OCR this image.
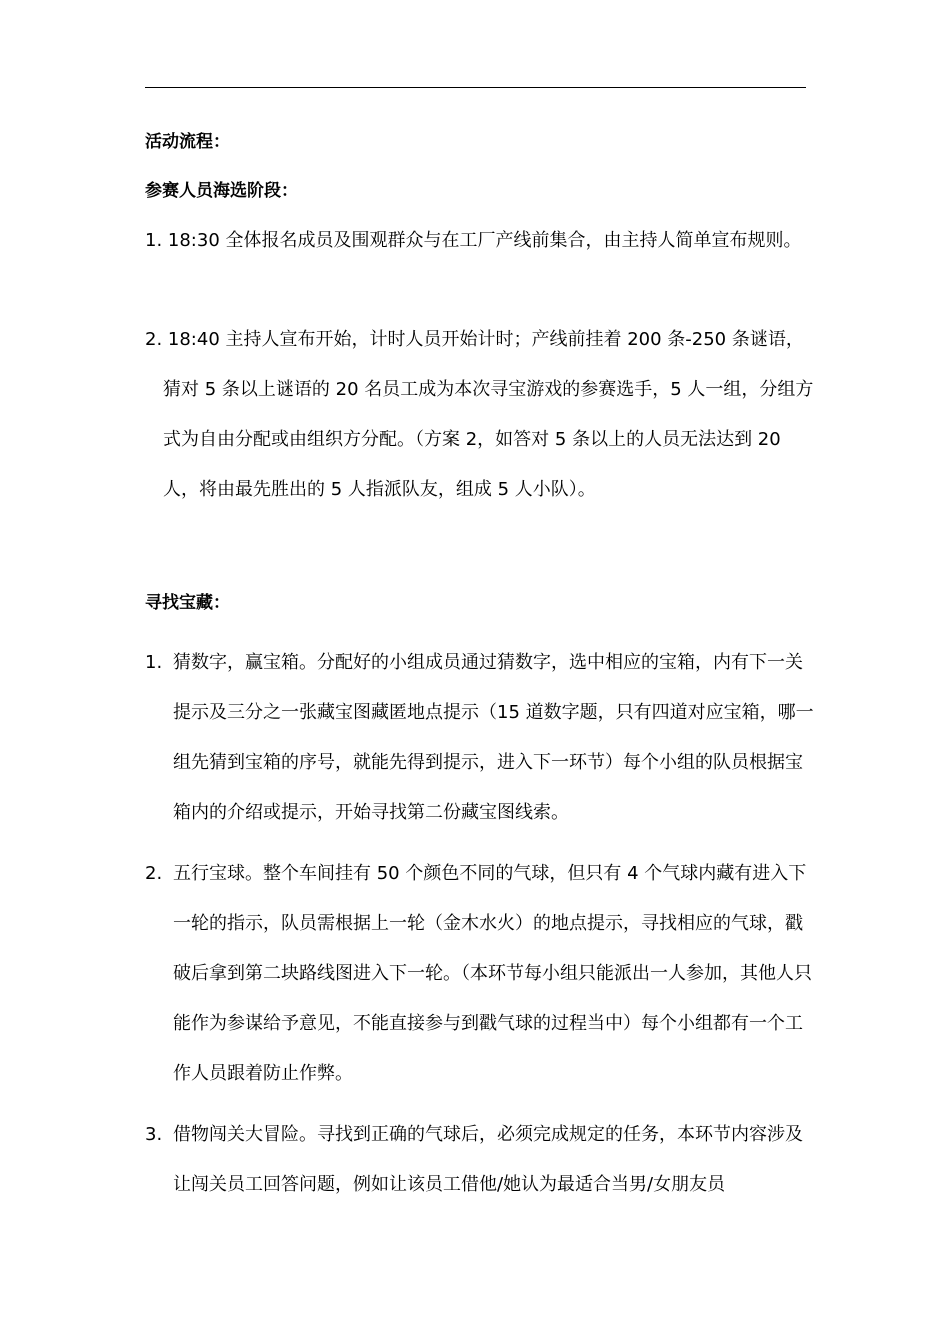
活动流程：
参赛人员海选阶段：
1. 18:30 全体报名成员及围观群众与在工厂产线前集合，由主持人简单宣布规则。
2. 18:40 主持人宣布开始，计时人员开始计时；产线前挂着 200 条-250 条谜语，猜对 5 条以上谜语的 20 名员工成为本次寻宝游戏的参赛选手，5 人一组，分组方式为自由分配或由组织方分配。（方案 2，如答对 5 条以上的人员无法达到 20 人，将由最先胜出的 5 人指派队友，组成 5 人小队）。
寻找宝藏：
1. 猜数字，赢宝箱。分配好的小组成员通过猜数字，选中相应的宝箱，内有下一关提示及三分之一张藏宝图藏匿地点提示（15 道数字题，只有四道对应宝箱，哪一组先猜到宝箱的序号，就能先得到提示，进入下一环节）每个小组的队员根据宝箱内的介绍或提示，开始寻找第二份藏宝图线索。
2. 五行宝球。整个车间挂有 50 个颜色不同的气球，但只有 4 个气球内藏有进入下一轮的指示，队员需根据上一轮（金木水火）的地点提示，寻找相应的气球，戳破后拿到第二块路线图进入下一轮。（本环节每小组只能派出一人参加，其他人只能作为参谋给予意见，不能直接参与到戳气球的过程当中）每个小组都有一个工作人员跟着防止作弊。
3. 借物闯关大冒险。寻找到正确的气球后，必须完成规定的任务，本环节内容涉及让闯关员工回答问题，例如让该员工借他/她认为最适合当男/女朋友员
